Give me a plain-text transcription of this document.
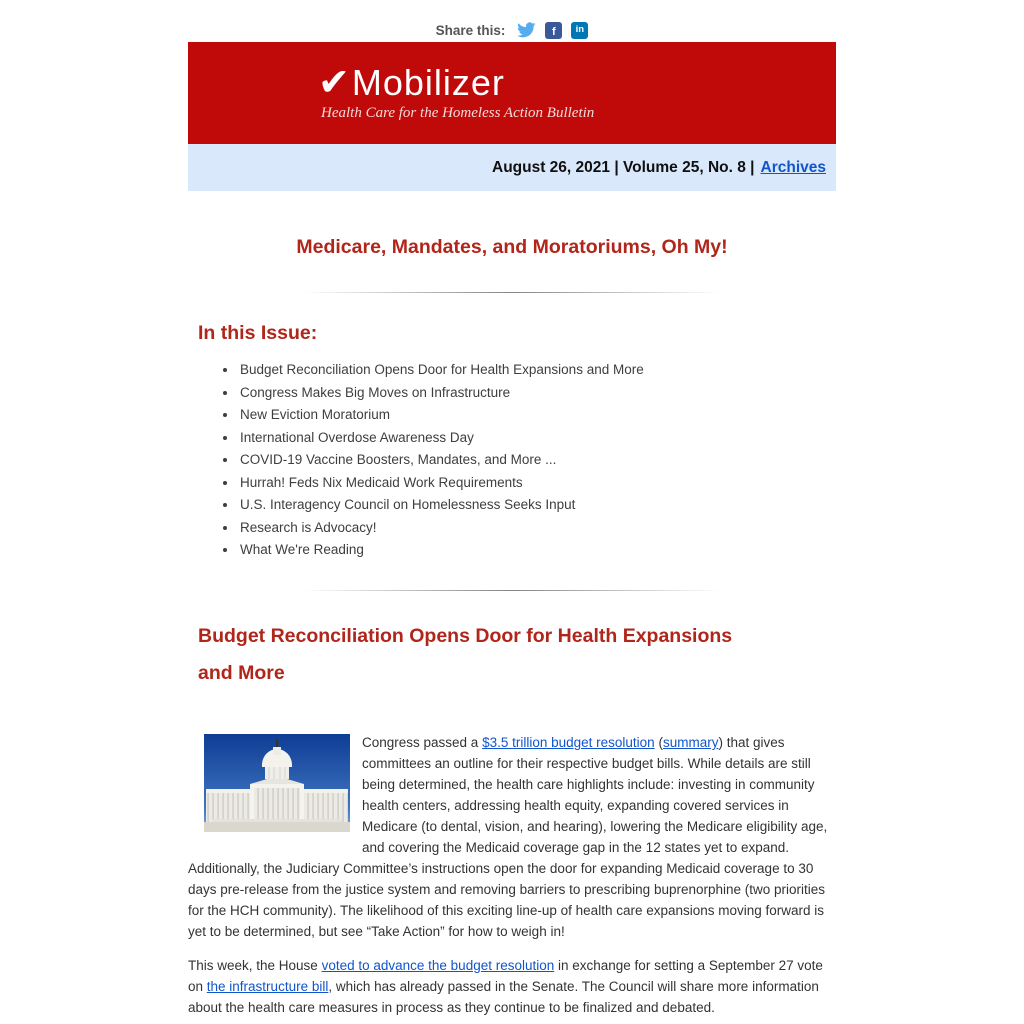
Share this:	f in
✔ Mobilizer
Health Care for the Homeless Action Bulletin
August 26, 2021 | Volume 25, No. 8 | Archives
Medicare, Mandates, and Moratoriums, Oh My!
In this Issue:
• Budget Reconciliation Opens Door for Health Expansions and More
• Congress Makes Big Moves on Infrastructure
• New Eviction Moratorium
• International Overdose Awareness Day
• COVID-19 Vaccine Boosters, Mandates, and More ...
• Hurrah! Feds Nix Medicaid Work Requirements
• U.S. Interagency Council on Homelessness Seeks Input
• Research is Advocacy!
• What We're Reading
Budget Reconciliation Opens Door for Health Expansions and More

Congress passed a $3.5 trillion budget resolution (summary) that gives committees an outline for their respective budget bills. While details are still being determined, the health care highlights include: investing in community health centers, addressing health equity, expanding covered services in Medicare (to dental, vision, and hearing), lowering the Medicare eligibility age, and covering the Medicaid coverage gap in the 12 states yet to expand. Additionally, the Judiciary Committee’s instructions open the door for expanding Medicaid coverage to 30 days pre-release from the justice system and removing barriers to prescribing buprenorphine (two priorities for the HCH community). The likelihood of this exciting line-up of health care expansions moving forward is yet to be determined, but see “Take Action” for how to weigh in!

This week, the House voted to advance the budget resolution in exchange for setting a September 27 vote on the infrastructure bill, which has already passed in the Senate. The Council will share more information about the health care measures in process as they continue to be finalized and debated.
